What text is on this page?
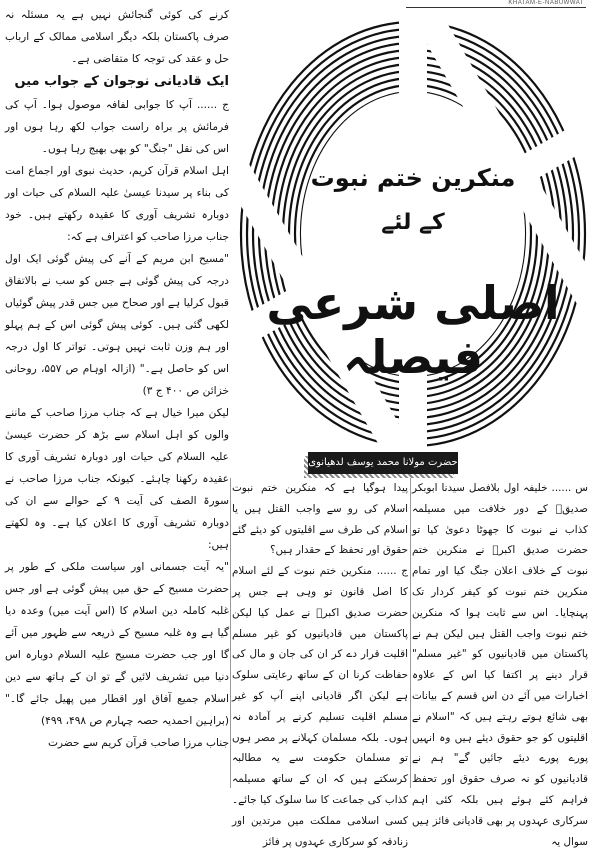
KHATAM-E-NABUWWAT

کرنے کی کوئی گنجائش نہیں ہے یہ مسئلہ نہ صرف پاکستان بلکہ دیگر اسلامی ممالک کے ارباب حل و عقد کی توجہ کا متقاضی ہے۔

ایک قادیانی نوجوان کے جواب میں

ج ...... آپ کا جوابی لفافہ موصول ہوا۔ آپ کی فرمائش پر براہ راست جواب لکھ رہا ہوں اور اس کی نقل "جنگ" کو بھی بھیج رہا ہوں۔

اہل اسلام قرآن کریم، حدیث نبوی اور اجماع امت کی بناء پر سیدنا عیسیٰ علیہ السلام کی حیات اور دوبارہ تشریف آوری کا عقیدہ رکھتے ہیں۔ خود جناب مرزا صاحب کو اعتراف ہے کہ:

"مسیح ابن مریم کے آنے کی پیش گوئی ایک اول درجہ کی پیش گوئی ہے جس کو سب نے بالاتفاق قبول کرلیا ہے اور صحاح میں جس قدر پیش گوئیاں لکھی گئی ہیں۔ کوئی پیش گوئی اس کے ہم پہلو اور ہم وزن ثابت نہیں ہوتی۔ تواتر کا اول درجہ اس کو حاصل ہے۔" (ازالہ اوہام ص ۵۵۷، روحانی خزائن ص ۴۰۰ ج ۳)

لیکن میرا خیال ہے کہ جناب مرزا صاحب کے ماننے والوں کو اہل اسلام سے بڑھ کر حضرت عیسیٰ علیہ السلام کی حیات اور دوبارہ تشریف آوری کا عقیدہ رکھنا چاہئے۔ کیونکہ جناب مرزا صاحب نے سورۃ الصف کی آیت ۹ کے حوالے سے ان کی دوبارہ تشریف آوری کا اعلان کیا ہے۔ وہ لکھتے ہیں:

"یہ آیت جسمانی اور سیاست ملکی کے طور پر حضرت مسیح کے حق میں پیش گوئی ہے اور جس غلبہ کاملہ دین اسلام کا (اس آیت میں) وعدہ دیا گیا ہے وہ غلبہ مسیح کے ذریعہ سے ظہور میں آئے گا اور جب حضرت مسیح علیہ السلام دوبارہ اس دنیا میں تشریف لائیں گے تو ان کے ہاتھ سے دین اسلام جمیع آفاق اور اقطار میں پھیل جائے گا۔" (براہین احمدیہ حصہ چہارم ص ۴۹۸، ۴۹۹)

جناب مرزا صاحب قرآن کریم سے حضرت

منکرین ختم نبوت
کے لئے
اصلی شرعی فیصلہ
حضرت مولانا محمد یوسف لدھیانوی

پیدا ہوگیا ہے کہ منکرین ختم نبوت اسلام کی رو سے واجب القتل ہیں یا اسلام کی طرف سے اقلیتوں کو دیئے گئے حقوق اور تحفظ کے حقدار ہیں؟

ج ...... منکرین ختم نبوت کے لئے اسلام کا اصل قانون تو وہی ہے جس پر حضرت صدیق اکبرؓ نے عمل کیا لیکن پاکستان میں قادیانیوں کو غیر مسلم اقلیت قرار دے کر ان کی جان و مال کی حفاظت کرنا ان کے ساتھ رعایتی سلوک ہے لیکن اگر قادیانی اپنے آپ کو غیر مسلم اقلیت تسلیم کرنے پر آمادہ نہ ہوں۔ بلکہ مسلمان کہلانے پر مصر ہوں تو مسلمان حکومت سے یہ مطالبہ کرسکتے ہیں کہ ان کے ساتھ مسیلمہ کذاب کی جماعت کا سا سلوک کیا جائے۔ کسی اسلامی مملکت میں مرتدین اور زنادقہ کو سرکاری عہدوں پر فائز

س ...... خلیفہ اول بلافصل سیدنا ابوبکر صدیقؓ کے دور خلافت میں مسیلمہ کذاب نے نبوت کا جھوٹا دعویٰ کیا تو حضرت صدیق اکبرؓ نے منکرین ختم نبوت کے خلاف اعلان جنگ کیا اور تمام منکرین ختم نبوت کو کیفر کردار تک پہنچایا۔ اس سے ثابت ہوا کہ منکرین ختم نبوت واجب القتل ہیں لیکن ہم نے پاکستان میں قادیانیوں کو "غیر مسلم" قرار دینے پر اکتفا کیا اس کے علاوہ اخبارات میں آئے دن اس قسم کے بیانات بھی شائع ہوتے رہتے ہیں کہ "اسلام نے اقلیتوں کو جو حقوق دیئے ہیں وہ انہیں پورے پورے دیئے جائیں گے" ہم نے قادیانیوں کو نہ صرف حقوق اور تحفظ فراہم کئے ہوئے ہیں بلکہ کئی اہم سرکاری عہدوں پر بھی قادیانی فائز ہیں سوال یہ
